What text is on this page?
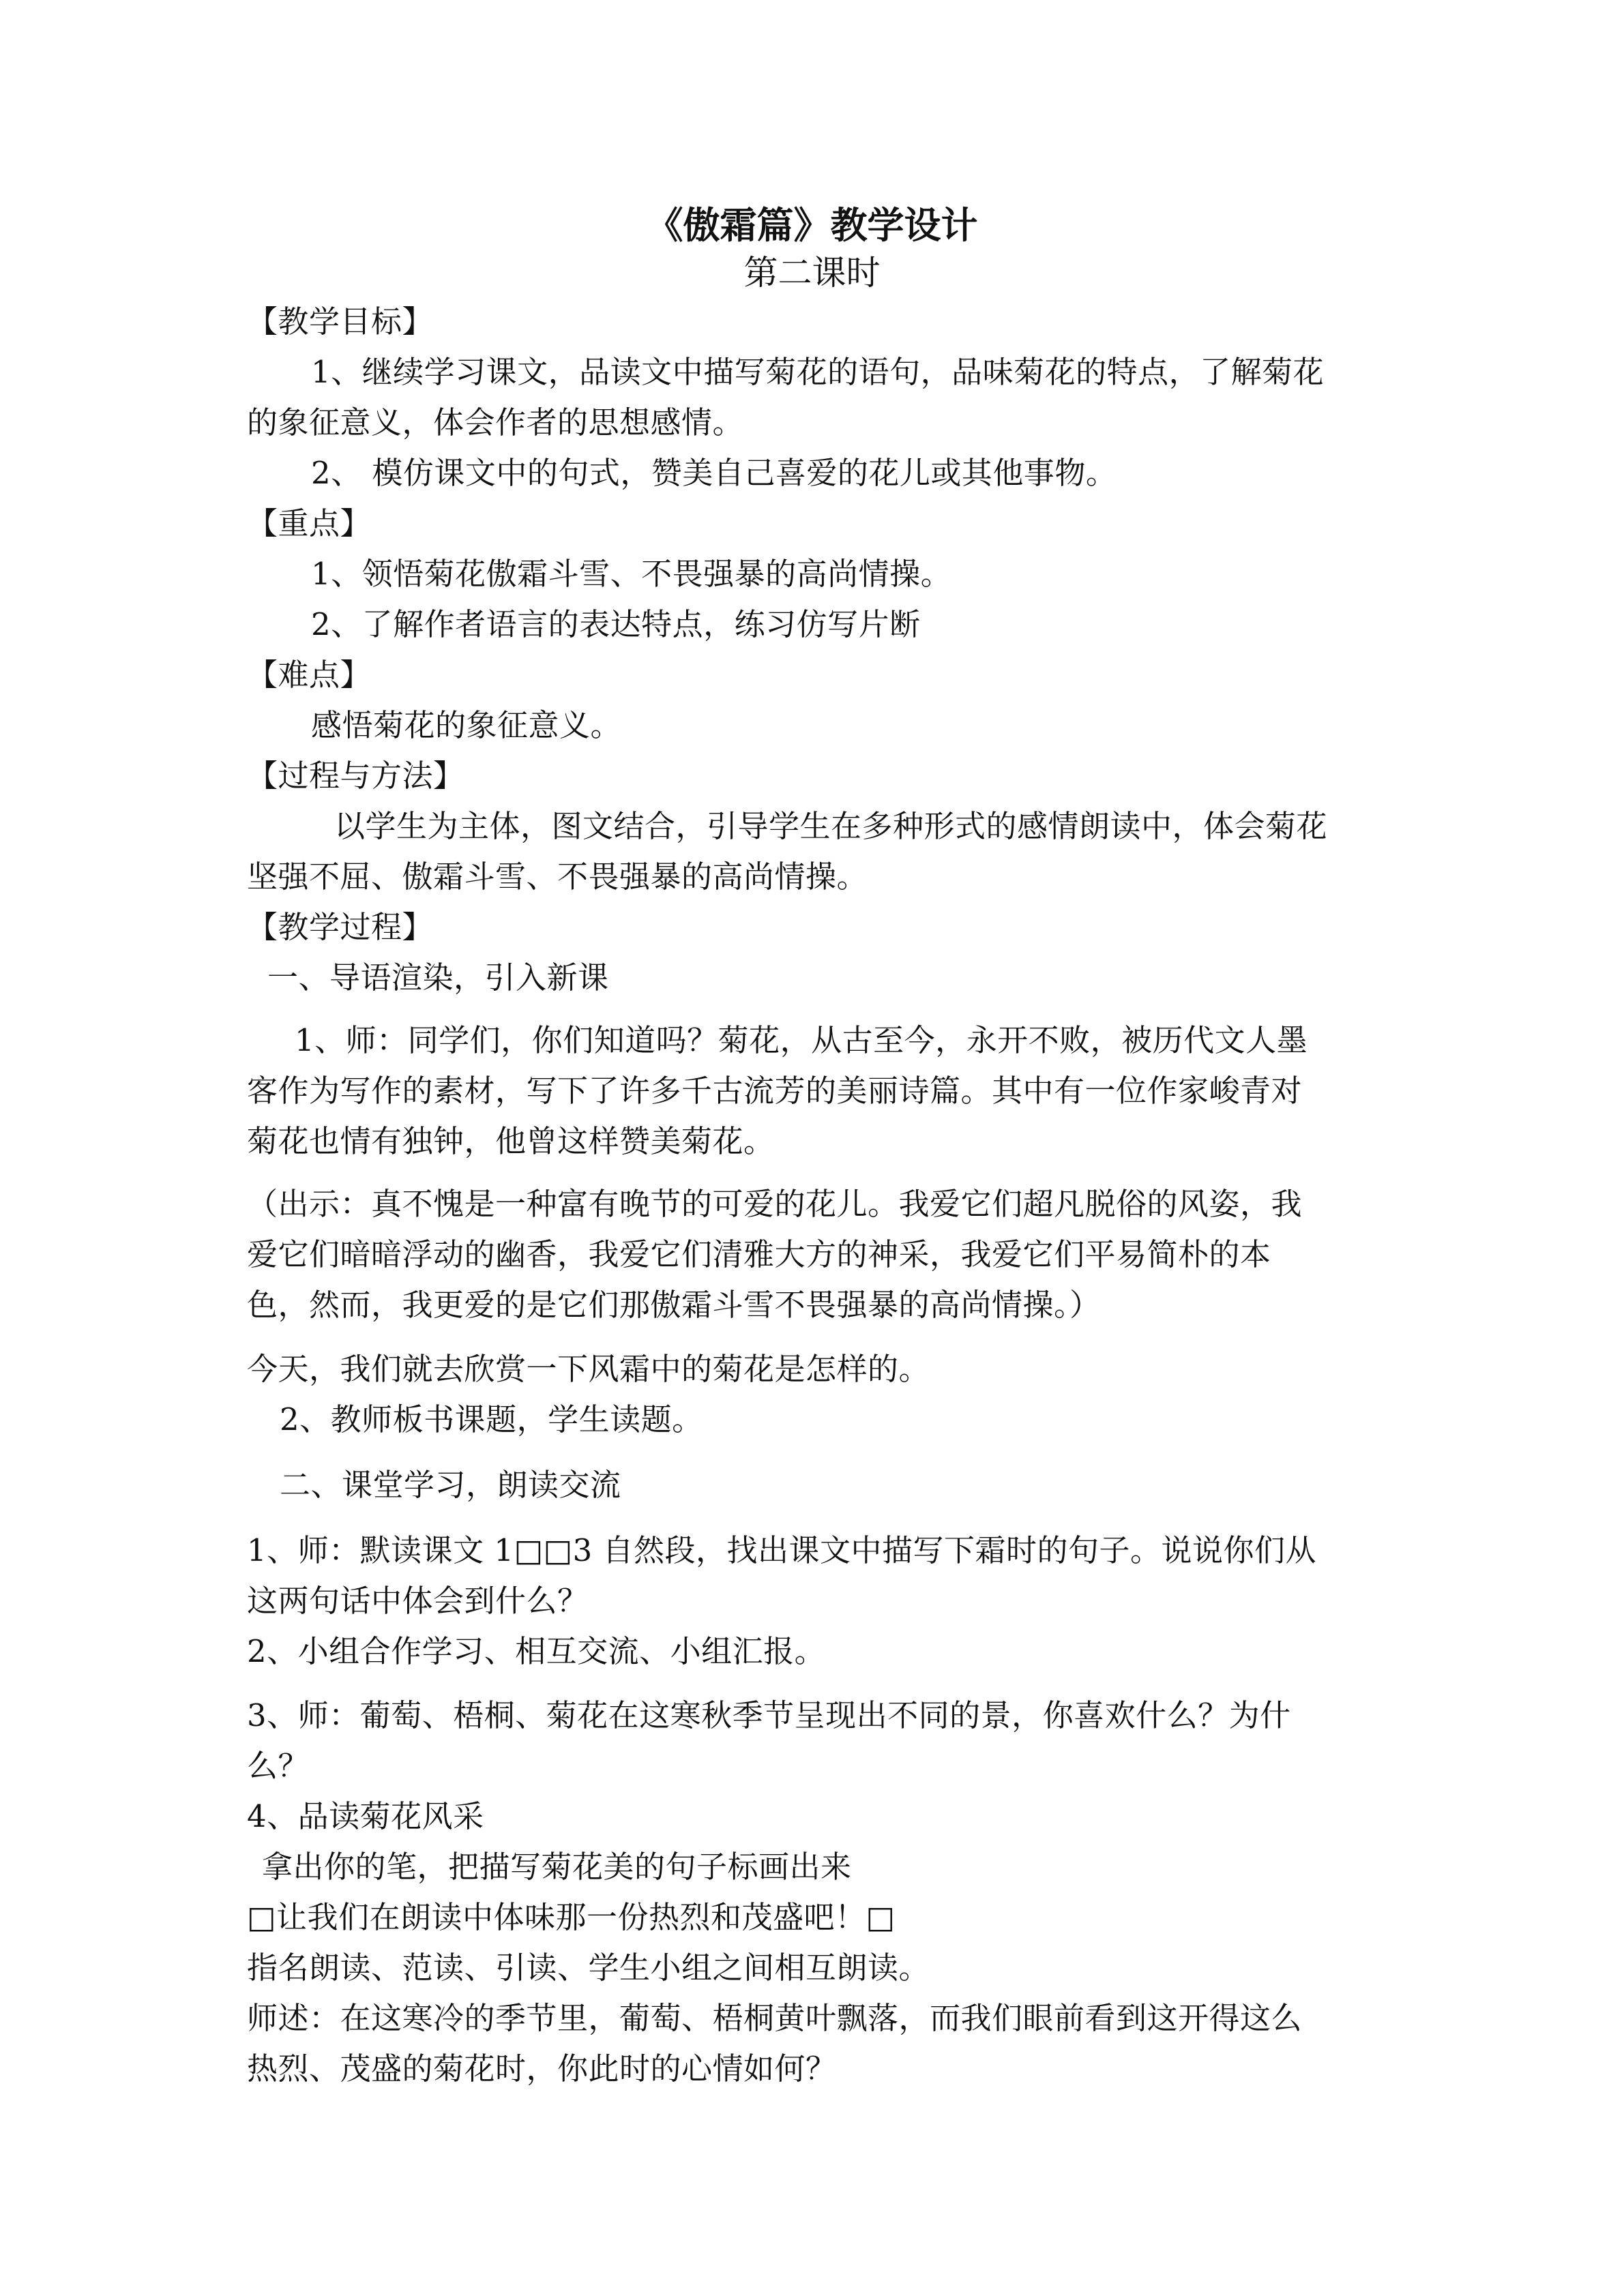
《傲霜篇》教学设计
第二课时
【教学目标】
1、继续学习课文，品读文中描写菊花的语句，品味菊花的特点，了解菊花
的象征意义，体会作者的思想感情。
2、 模仿课文中的句式，赞美自己喜爱的花儿或其他事物。
【重点】
1、领悟菊花傲霜斗雪、不畏强暴的高尚情操。
2、了解作者语言的表达特点，练习仿写片断
【难点】
感悟菊花的象征意义。
【过程与方法】
以学生为主体，图文结合，引导学生在多种形式的感情朗读中，体会菊花
坚强不屈、傲霜斗雪、不畏强暴的高尚情操。
【教学过程】
一、导语渲染，引入新课
1、师：同学们，你们知道吗？菊花，从古至今，永开不败，被历代文人墨
客作为写作的素材，写下了许多千古流芳的美丽诗篇。其中有一位作家峻青对
菊花也情有独钟，他曾这样赞美菊花。
（出示：真不愧是一种富有晚节的可爱的花儿。我爱它们超凡脱俗的风姿，我
爱它们暗暗浮动的幽香，我爱它们清雅大方的神采，我爱它们平易简朴的本
色，然而，我更爱的是它们那傲霜斗雪不畏强暴的高尚情操。）
今天，我们就去欣赏一下风霜中的菊花是怎样的。
2、教师板书课题，学生读题。
二、课堂学习，朗读交流
1、师：默读课文 1□□3 自然段，找出课文中描写下霜时的句子。说说你们从
这两句话中体会到什么？
2、小组合作学习、相互交流、小组汇报。
3、师：葡萄、梧桐、菊花在这寒秋季节呈现出不同的景，你喜欢什么？为什
么？
4、品读菊花风采
拿出你的笔，把描写菊花美的句子标画出来
□让我们在朗读中体味那一份热烈和茂盛吧！□
指名朗读、范读、引读、学生小组之间相互朗读。
师述：在这寒冷的季节里，葡萄、梧桐黄叶飘落，而我们眼前看到这开得这么
热烈、茂盛的菊花时，你此时的心情如何？
